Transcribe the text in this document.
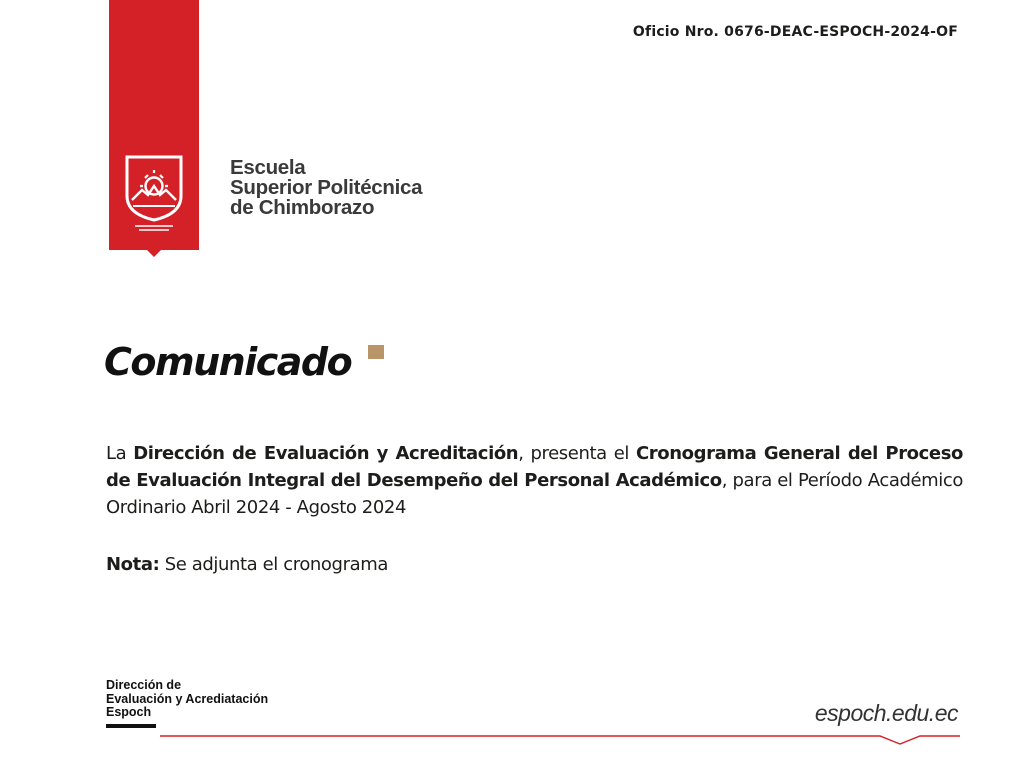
Oficio Nro. 0676-DEAC-ESPOCH-2024-OF
Escuela
Superior Politécnica
de Chimborazo
Comunicado

La Dirección de Evaluación y Acreditación, presenta el Cronograma General del Proceso de Evaluación Integral del Desempeño del Personal Académico, para el Período Académico Ordinario Abril 2024 - Agosto 2024

Nota: Se adjunta el cronograma

Dirección de
Evaluación y Acrediatación
Espoch	espoch.edu.ec
